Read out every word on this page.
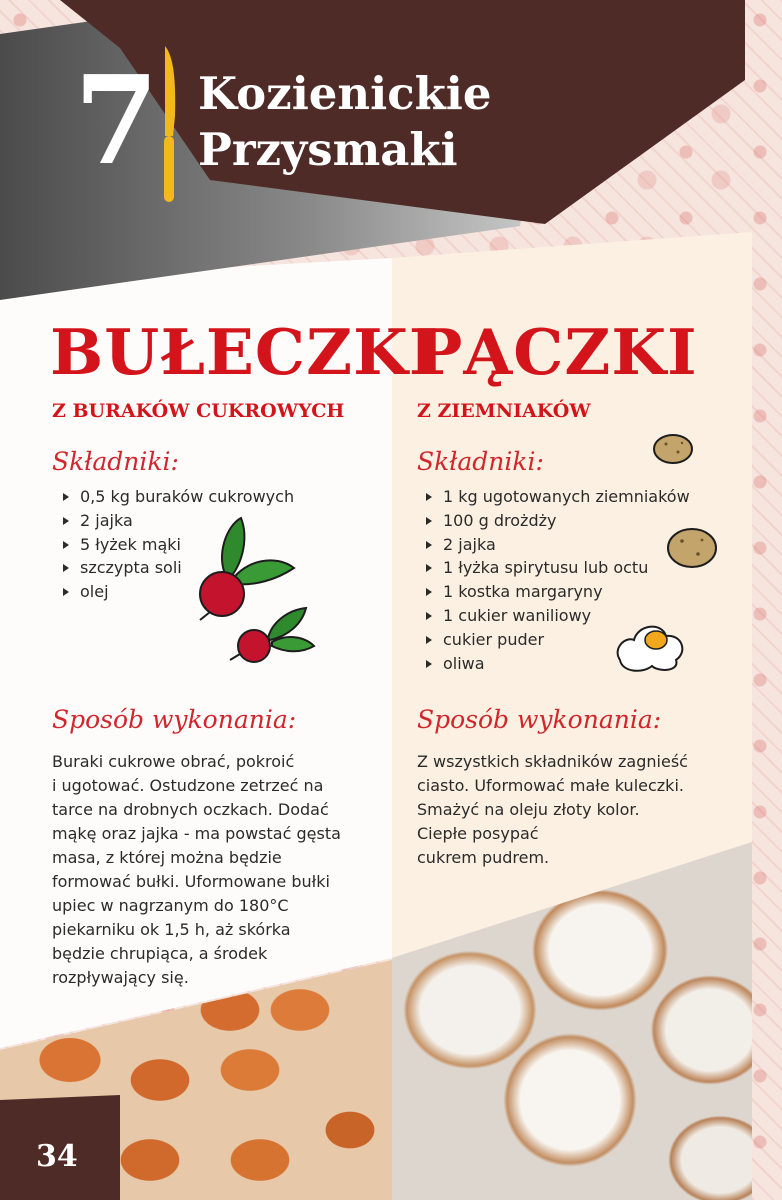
7 Kozienickie
Przysmaki
BUŁECZKI
Z BURAKÓW CUKROWYCH
Składniki:
0,5 kg buraków cukrowych
2 jajka
5 łyżek mąki
szczypta soli
olej
Sposób wykonania:
Buraki cukrowe obrać, pokroić
i ugotować. Ostudzone zetrzeć na
tarce na drobnych oczkach. Dodać
mąkę oraz jajka - ma powstać gęsta
masa, z której można będzie
formować bułki. Uformowane bułki
upiec w nagrzanym do 180°C
piekarniku ok 1,5 h, aż skórka
będzie chrupiąca, a środek
rozpływający się.
PĄCZKI
Z ZIEMNIAKÓW
Składniki:
1 kg ugotowanych ziemniaków
100 g drożdży
2 jajka
1 łyżka spirytusu lub octu
1 kostka margaryny
1 cukier waniliowy
cukier puder
oliwa
Sposób wykonania:
Z wszystkich składników zagnieść
ciasto. Uformować małe kuleczki.
Smażyć na oleju złoty kolor.
Ciepłe posypać
cukrem pudrem.
34
